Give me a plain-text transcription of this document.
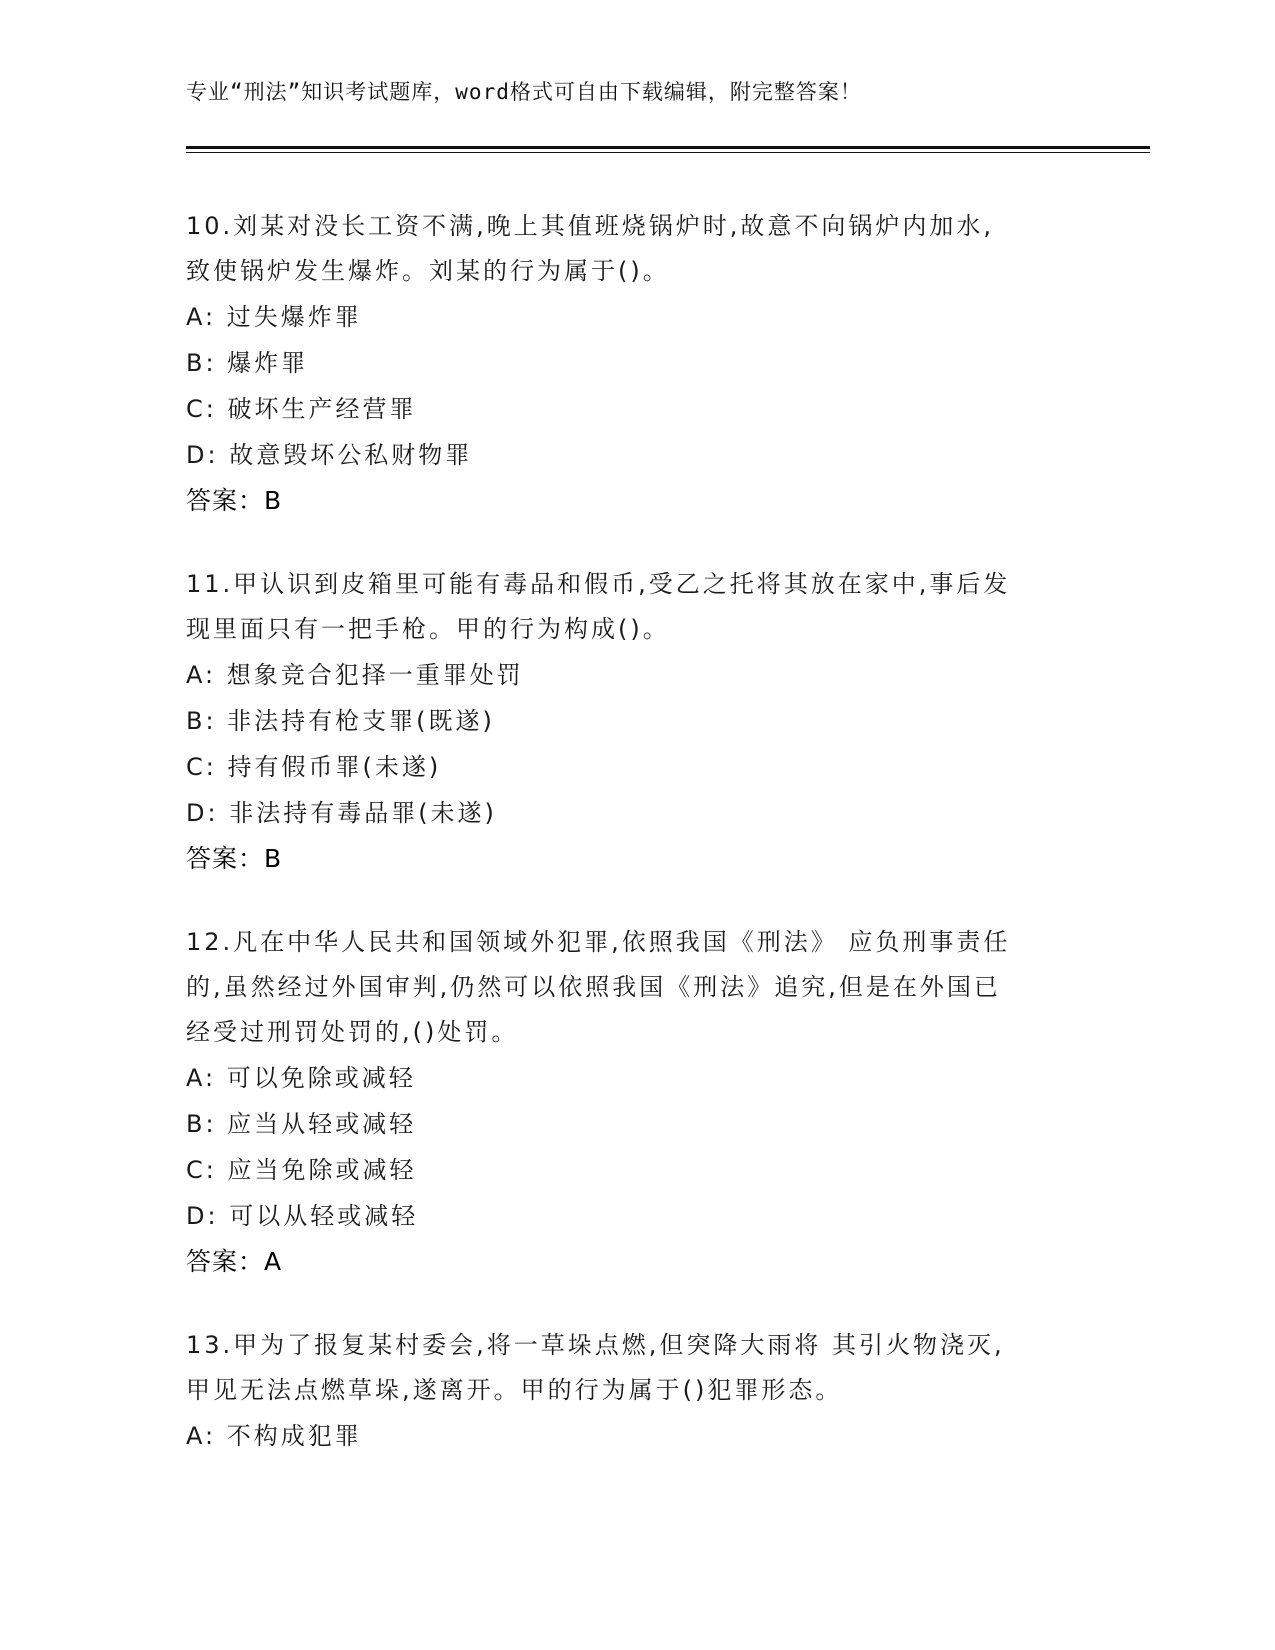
专业“刑法”知识考试题库，word格式可自由下载编辑，附完整答案！

10.刘某对没长工资不满,晚上其值班烧锅炉时,故意不向锅炉内加水,

致使锅炉发生爆炸。刘某的行为属于()。

A: 过失爆炸罪

B: 爆炸罪

C: 破坏生产经营罪

D: 故意毁坏公私财物罪

答案：B

11.甲认识到皮箱里可能有毒品和假币,受乙之托将其放在家中,事后发

现里面只有一把手枪。甲的行为构成()。

A: 想象竞合犯择一重罪处罚

B: 非法持有枪支罪(既遂)

C: 持有假币罪(未遂)

D: 非法持有毒品罪(未遂)

答案：B

12.凡在中华人民共和国领域外犯罪,依照我国《刑法》 应负刑事责任

的,虽然经过外国审判,仍然可以依照我国《刑法》追究,但是在外国已

经受过刑罚处罚的,()处罚。

A: 可以免除或减轻

B: 应当从轻或减轻

C: 应当免除或减轻

D: 可以从轻或减轻

答案：A

13.甲为了报复某村委会,将一草垛点燃,但突降大雨将 其引火物浇灭,

甲见无法点燃草垛,遂离开。甲的行为属于()犯罪形态。

A: 不构成犯罪
